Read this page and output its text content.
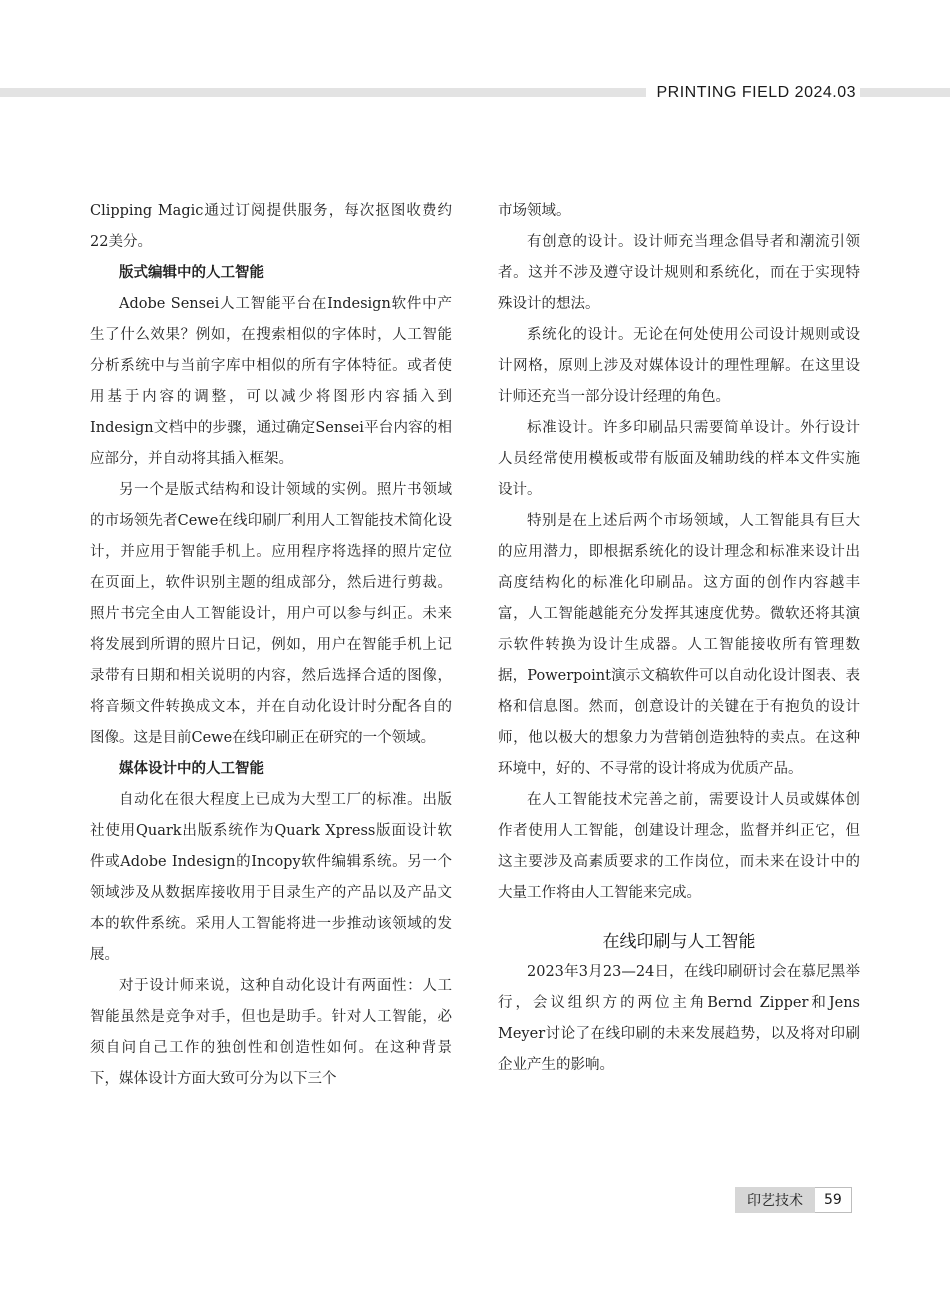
PRINTING FIELD 2024.03

Clipping Magic通过订阅提供服务，每次抠图收费约22美分。

版式编辑中的人工智能

Adobe Sensei人工智能平台在Indesign软件中产生了什么效果？例如，在搜索相似的字体时，人工智能分析系统中与当前字库中相似的所有字体特征。或者使用基于内容的调整，可以减少将图形内容插入到Indesign文档中的步骤，通过确定Sensei平台内容的相应部分，并自动将其插入框架。

另一个是版式结构和设计领域的实例。照片书领域的市场领先者Cewe在线印刷厂利用人工智能技术简化设计，并应用于智能手机上。应用程序将选择的照片定位在页面上，软件识别主题的组成部分，然后进行剪裁。照片书完全由人工智能设计，用户可以参与纠正。未来将发展到所谓的照片日记，例如，用户在智能手机上记录带有日期和相关说明的内容，然后选择合适的图像，将音频文件转换成文本，并在自动化设计时分配各自的图像。这是目前Cewe在线印刷正在研究的一个领域。

媒体设计中的人工智能

自动化在很大程度上已成为大型工厂的标准。出版社使用Quark出版系统作为Quark Xpress版面设计软件或Adobe Indesign的Incopy软件编辑系统。另一个领域涉及从数据库接收用于目录生产的产品以及产品文本的软件系统。采用人工智能将进一步推动该领域的发展。

对于设计师来说，这种自动化设计有两面性：人工智能虽然是竞争对手，但也是助手。针对人工智能，必须自问自己工作的独创性和创造性如何。在这种背景下，媒体设计方面大致可分为以下三个

市场领域。

有创意的设计。设计师充当理念倡导者和潮流引领者。这并不涉及遵守设计规则和系统化，而在于实现特殊设计的想法。

系统化的设计。无论在何处使用公司设计规则或设计网格，原则上涉及对媒体设计的理性理解。在这里设计师还充当一部分设计经理的角色。

标准设计。许多印刷品只需要简单设计。外行设计人员经常使用模板或带有版面及辅助线的样本文件实施设计。

特别是在上述后两个市场领域，人工智能具有巨大的应用潜力，即根据系统化的设计理念和标准来设计出高度结构化的标准化印刷品。这方面的创作内容越丰富，人工智能越能充分发挥其速度优势。微软还将其演示软件转换为设计生成器。人工智能接收所有管理数据，Powerpoint演示文稿软件可以自动化设计图表、表格和信息图。然而，创意设计的关键在于有抱负的设计师，他以极大的想象力为营销创造独特的卖点。在这种环境中，好的、不寻常的设计将成为优质产品。

在人工智能技术完善之前，需要设计人员或媒体创作者使用人工智能，创建设计理念，监督并纠正它，但这主要涉及高素质要求的工作岗位，而未来在设计中的大量工作将由人工智能来完成。

在线印刷与人工智能

2023年3月23—24日，在线印刷研讨会在慕尼黑举行，会议组织方的两位主角Bernd Zipper和Jens Meyer讨论了在线印刷的未来发展趋势，以及将对印刷企业产生的影响。

印艺技术	59
